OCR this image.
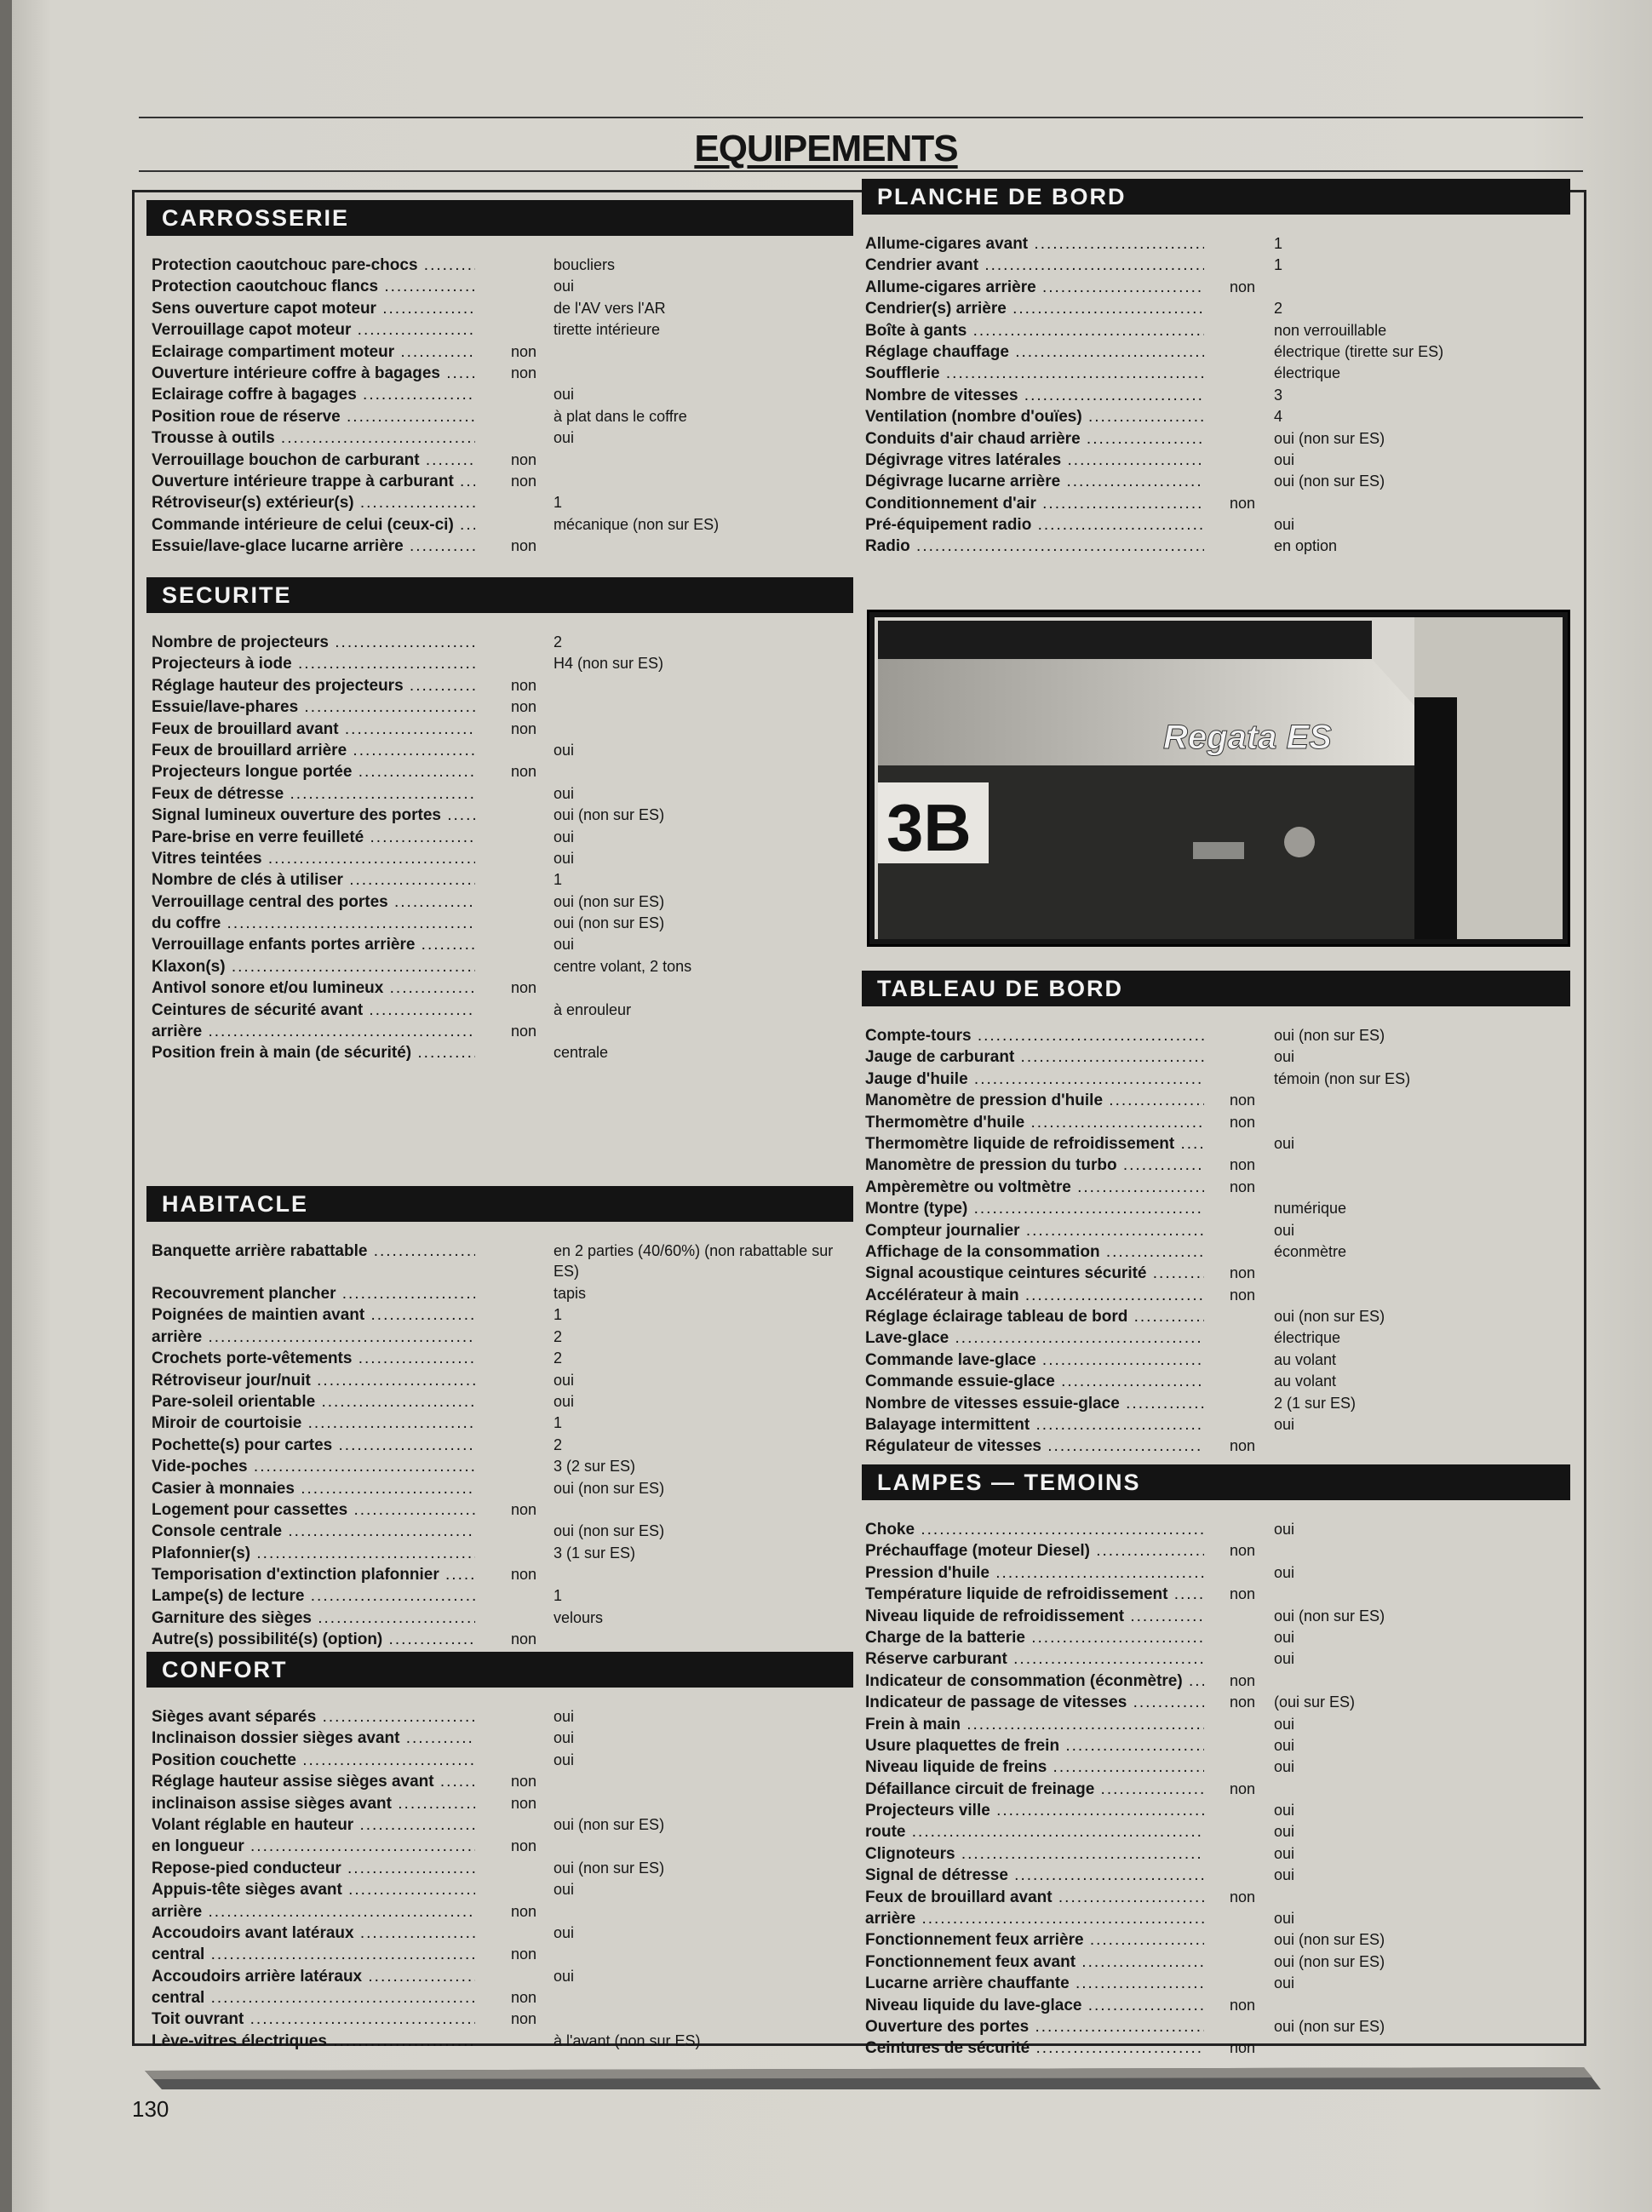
EQUIPEMENTS
CARROSSERIE
Protection caoutchouc pare-chocs .....	boucliers
Protection caoutchouc flancs .....	oui
Sens ouverture capot moteur .....	de l'AV vers l'AR
Verrouillage capot moteur .....	tirette intérieure
Eclairage compartiment moteur .....	non
Ouverture intérieure coffre à bagages .....	non
Eclairage coffre à bagages .....	oui
Position roue de réserve .....	à plat dans le coffre
Trousse à outils .....	oui
Verrouillage bouchon de carburant .....	non
Ouverture intérieure trappe à carburant .....	non
Rétroviseur(s) extérieur(s) .....	1
Commande intérieure de celui (ceux-ci) .....	mécanique (non sur ES)
Essuie/lave-glace lucarne arrière .....	non
SECURITE
Nombre de projecteurs .....	2
Projecteurs à iode .....	H4 (non sur ES)
Réglage hauteur des projecteurs .....	non
Essuie/lave-phares .....	non
Feux de brouillard avant .....	non
Feux de brouillard arrière .....	oui
Projecteurs longue portée .....	non
Feux de détresse .....	oui
Signal lumineux ouverture des portes .....	oui (non sur ES)
Pare-brise en verre feuilleté .....	oui
Vitres teintées .....	oui
Nombre de clés à utiliser .....	1
Verrouillage central des portes .....	oui (non sur ES)
du coffre .....	oui (non sur ES)
Verrouillage enfants portes arrière .....	oui
Klaxon(s) .....	centre volant, 2 tons
Antivol sonore et/ou lumineux .....	non
Ceintures de sécurité avant .....	à enrouleur
arrière .....	non
Position frein à main (de sécurité) .....	centrale
HABITACLE
Banquette arrière rabattable .....	en 2 parties (40/60%) (non rabattable sur ES)
Recouvrement plancher .....	tapis
Poignées de maintien avant .....	1
arrière .....	2
Crochets porte-vêtements .....	2
Rétroviseur jour/nuit .....	oui
Pare-soleil orientable .....	oui
Miroir de courtoisie .....	1
Pochette(s) pour cartes .....	2
Vide-poches .....	3 (2 sur ES)
Casier à monnaies .....	oui (non sur ES)
Logement pour cassettes .....	non
Console centrale .....	oui (non sur ES)
Plafonnier(s) .....	3 (1 sur ES)
Temporisation d'extinction plafonnier .....	non
Lampe(s) de lecture .....	1
Garniture des sièges .....	velours
Autre(s) possibilité(s) (option) .....	non
CONFORT
Sièges avant séparés .....	oui
Inclinaison dossier sièges avant .....	oui
Position couchette .....	oui
Réglage hauteur assise sièges avant .....	non
inclinaison assise sièges avant .....	non
Volant réglable en hauteur .....	oui (non sur ES)
en longueur .....	non
Repose-pied conducteur .....	oui (non sur ES)
Appuis-tête sièges avant .....	oui
arrière .....	non
Accoudoirs avant latéraux .....	oui
central .....	non
Accoudoirs arrière latéraux .....	oui
central .....	non
Toit ouvrant .....	non
Lève-vitres électriques .....	à l'avant (non sur ES)
PLANCHE DE BORD
Allume-cigares avant .....	1
Cendrier avant .....	1
Allume-cigares arrière .....	non
Cendrier(s) arrière .....	2
Boîte à gants .....	non verrouillable
Réglage chauffage .....	électrique (tirette sur ES)
Soufflerie .....	électrique
Nombre de vitesses .....	3
Ventilation (nombre d'ouïes) .....	4
Conduits d'air chaud arrière .....	oui (non sur ES)
Dégivrage vitres latérales .....	oui
Dégivrage lucarne arrière .....	oui (non sur ES)
Conditionnement d'air .....	non
Pré-équipement radio .....	oui
Radio .....	en option
TABLEAU DE BORD
Compte-tours .....	oui (non sur ES)
Jauge de carburant .....	oui
Jauge d'huile .....	témoin (non sur ES)
Manomètre de pression d'huile .....	non
Thermomètre d'huile .....	non
Thermomètre liquide de refroidissement .....	oui
Manomètre de pression du turbo .....	non
Ampèremètre ou voltmètre .....	non
Montre (type) .....	numérique
Compteur journalier .....	oui
Affichage de la consommation .....	éconmètre
Signal acoustique ceintures sécurité .....	non
Accélérateur à main .....	non
Réglage éclairage tableau de bord .....	oui (non sur ES)
Lave-glace .....	électrique
Commande lave-glace .....	au volant
Commande essuie-glace .....	au volant
Nombre de vitesses essuie-glace .....	2 (1 sur ES)
Balayage intermittent .....	oui
Régulateur de vitesses .....	non
LAMPES — TEMOINS
Choke .....	oui
Préchauffage (moteur Diesel) .....	non
Pression d'huile .....	oui
Température liquide de refroidissement .....	non
Niveau liquide de refroidissement .....	oui (non sur ES)
Charge de la batterie .....	oui
Réserve carburant .....	oui
Indicateur de consommation (éconmètre) .....	non
Indicateur de passage de vitesses .....	non (oui sur ES)
Frein à main .....	oui
Usure plaquettes de frein .....	oui
Niveau liquide de freins .....	oui
Défaillance circuit de freinage .....	non
Projecteurs ville .....	oui
route .....	oui
Clignoteurs .....	oui
Signal de détresse .....	oui
Feux de brouillard avant .....	non
arrière .....	oui
Fonctionnement feux arrière .....	oui (non sur ES)
Fonctionnement feux avant .....	oui (non sur ES)
Lucarne arrière chauffante .....	oui
Niveau liquide du lave-glace .....	non
Ouverture des portes .....	oui (non sur ES)
Ceintures de sécurité .....	non
3B
Regata ES
130
